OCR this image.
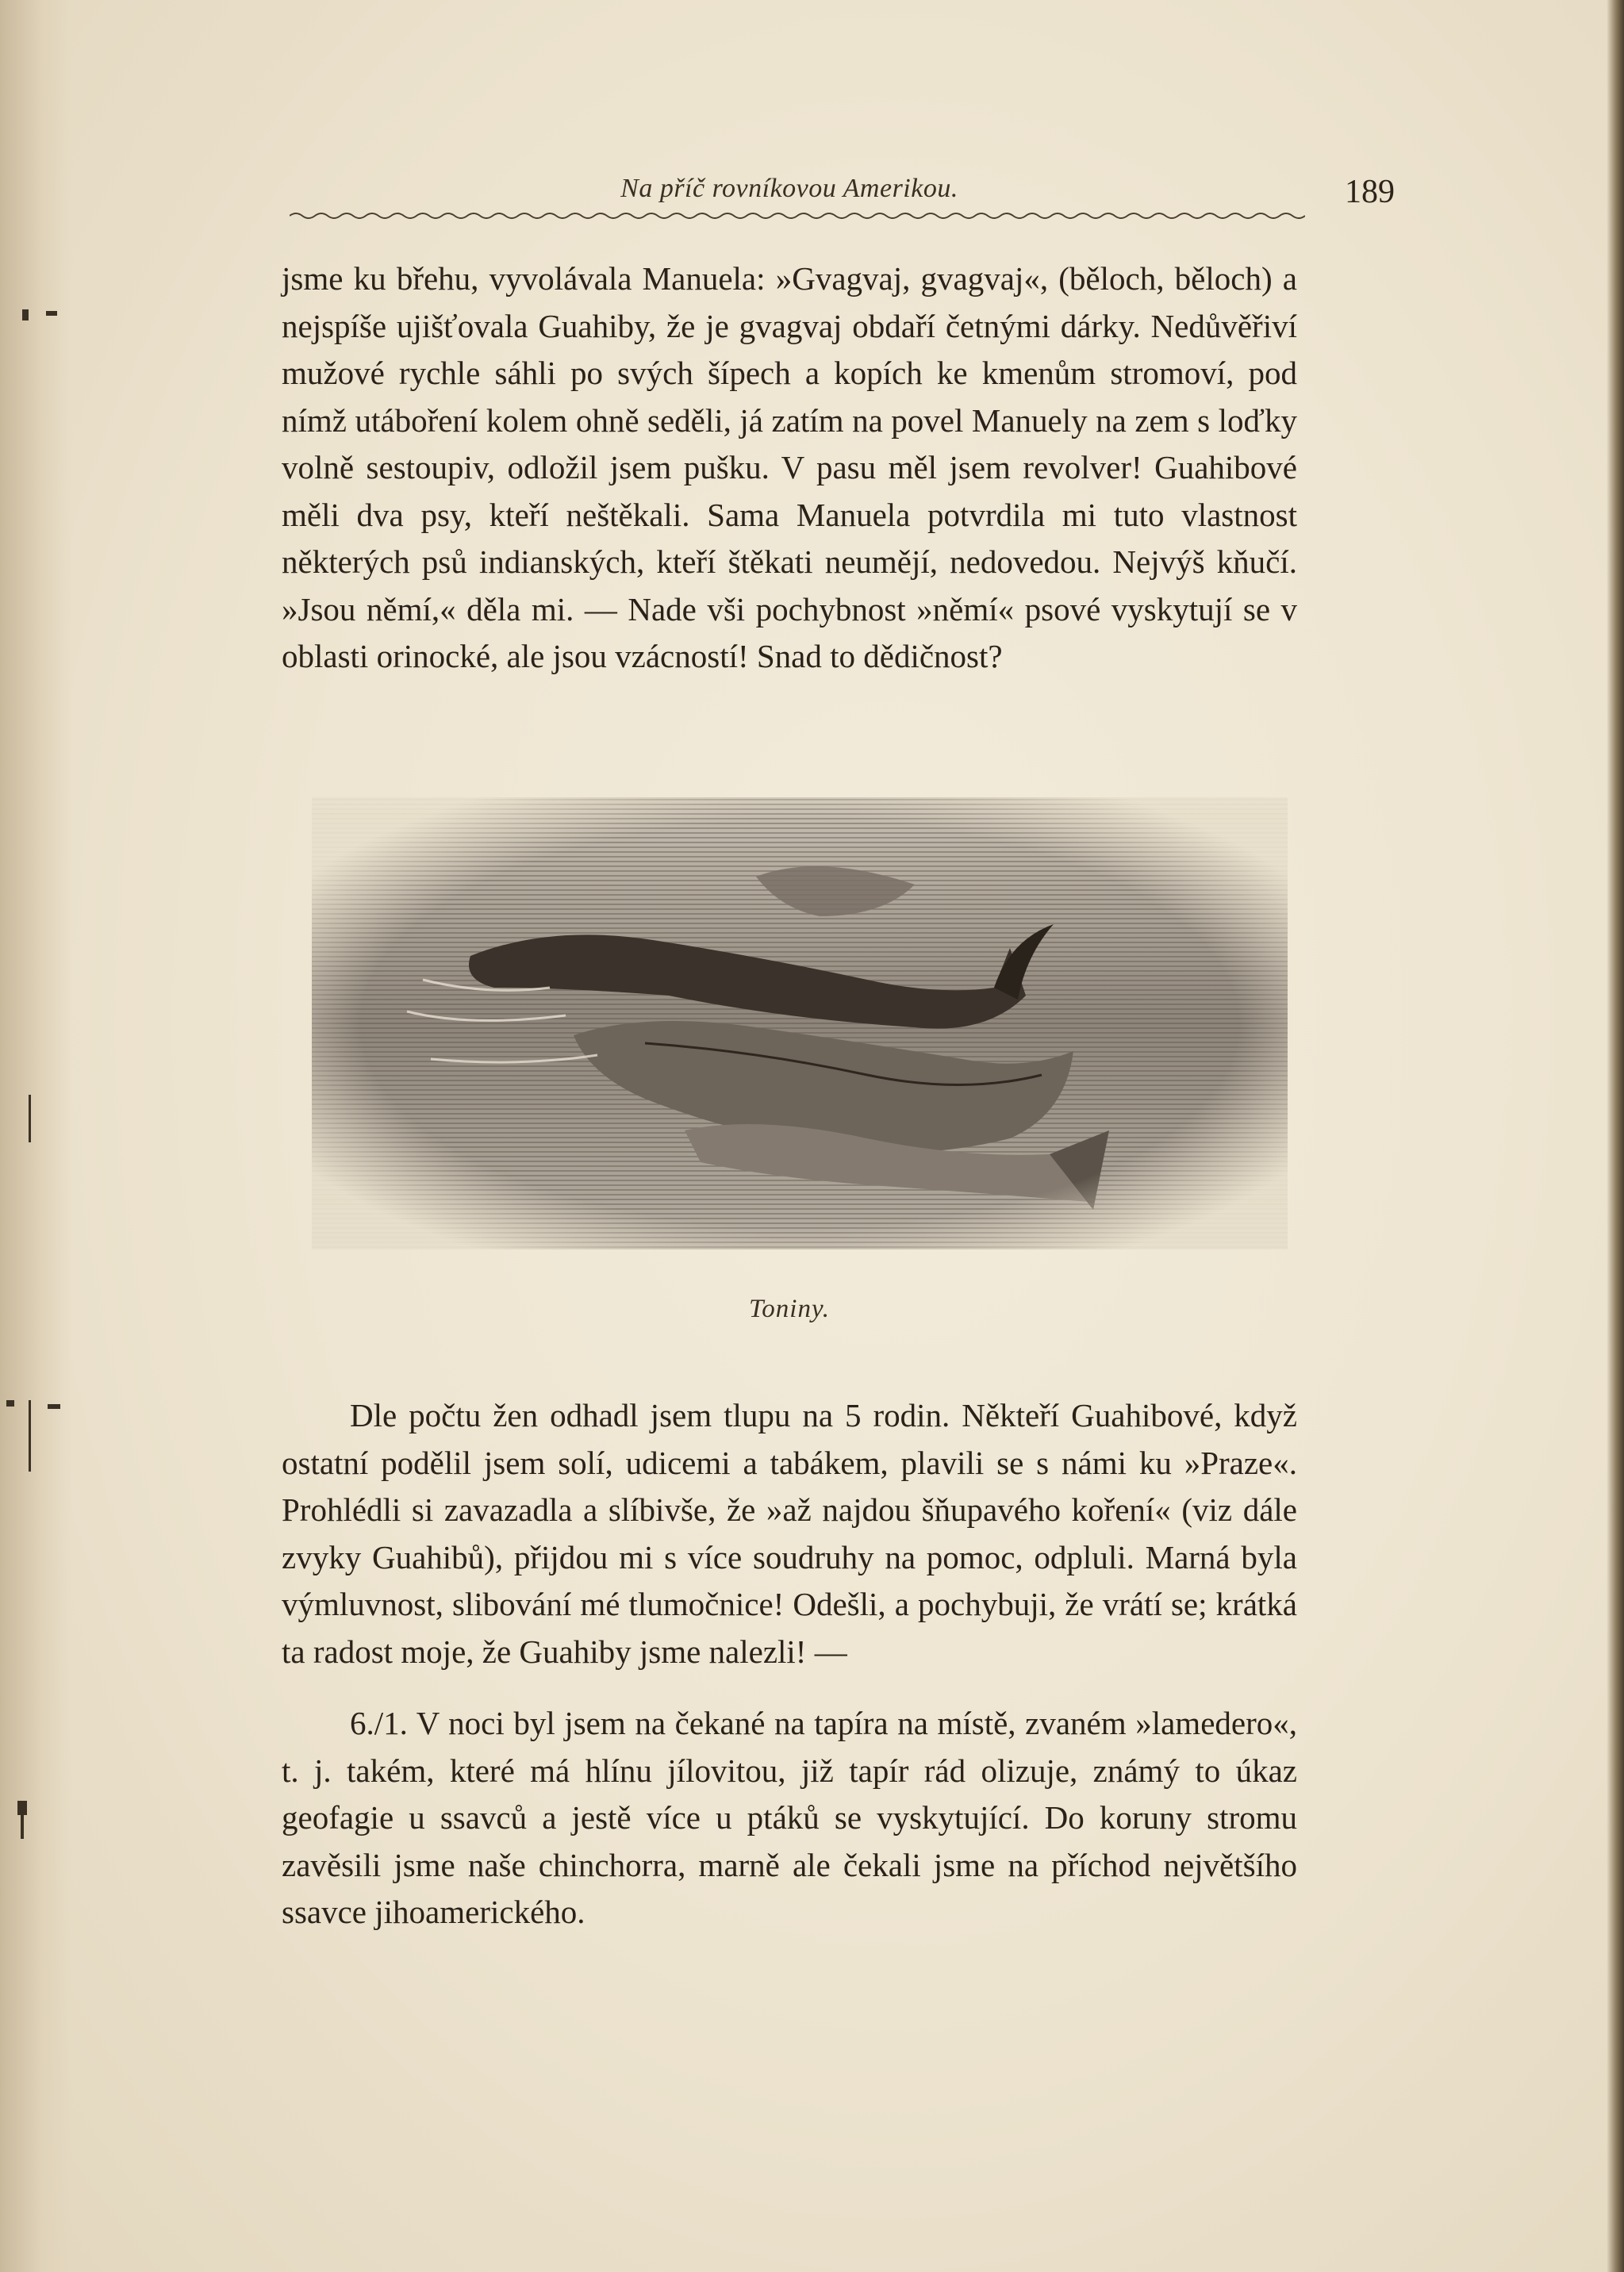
Na příč rovníkovou Amerikou.	189

jsme ku břehu, vyvolávala Manuela: »Gvagvaj, gvagvaj«, (běloch, běloch) a nejspíše ujišťovala Guahiby, že je gvagvaj obdaří četnými dárky. Nedůvěřiví mužové rychle sáhli po svých šípech a kopích ke kmenům stromoví, pod nímž utáboření kolem ohně seděli, já zatím na povel Manuely na zem s loďky volně sestoupiv, odložil jsem pušku. V pasu měl jsem revolver! Guahibové měli dva psy, kteří neštěkali. Sama Manuela potvrdila mi tuto vlastnost některých psů indianských, kteří štěkati neumějí, nedovedou. Nejvýš kňučí. »Jsou němí,« děla mi. — Nade vši pochybnost »němí« psové vyskytují se v oblasti orinocké, ale jsou vzácností! Snad to dědičnost?

Toniny.

Dle počtu žen odhadl jsem tlupu na 5 rodin. Někteří Guahibové, když ostatní podělil jsem solí, udicemi a tabákem, plavili se s námi ku »Praze«. Prohlédli si zavazadla a slíbivše, že »až najdou šňupavého koření« (viz dále zvyky Guahibů), přijdou mi s více soudruhy na pomoc, odpluli. Marná byla výmluvnost, slibování mé tlumočnice! Odešli, a pochybuji, že vrátí se; krátká ta radost moje, že Guahiby jsme nalezli! —

6./1. V noci byl jsem na čekané na tapíra na místě, zvaném »lamedero«, t. j. takém, které má hlínu jílovitou, již tapír rád olizuje, známý to úkaz geofagie u ssavců a jestě více u ptáků se vyskytující. Do koruny stromu zavěsili jsme naše chinchorra, marně ale čekali jsme na příchod největšího ssavce jihoamerického.
